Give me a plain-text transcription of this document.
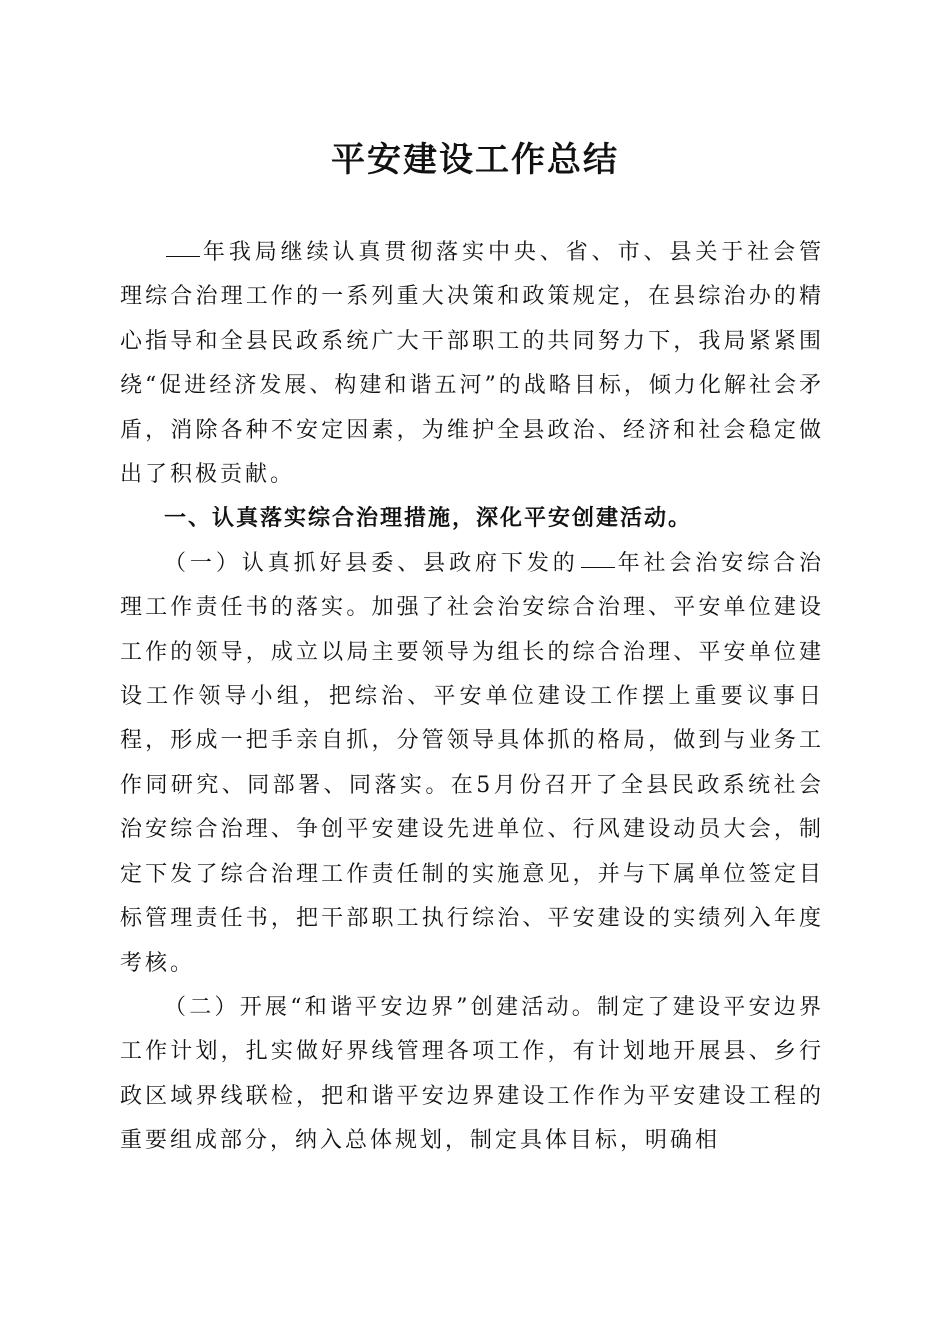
平安建设工作总结

年我局继续认真贯彻落实中央、省、市、县关于社会管理综合治理工作的一系列重大决策和政策规定，在县综治办的精心指导和全县民政系统广大干部职工的共同努力下，我局紧紧围绕“促进经济发展、构建和谐五河”的战略目标，倾力化解社会矛盾，消除各种不安定因素，为维护全县政治、经济和社会稳定做出了积极贡献。

一、认真落实综合治理措施，深化平安创建活动。

（一）认真抓好县委、县政府下发的 年社会治安综合治理工作责任书的落实。加强了社会治安综合治理、平安单位建设工作的领导，成立以局主要领导为组长的综合治理、平安单位建设工作领导小组，把综治、平安单位建设工作摆上重要议事日程，形成一把手亲自抓，分管领导具体抓的格局，做到与业务工作同研究、同部署、同落实。在5月份召开了全县民政系统社会治安综合治理、争创平安建设先进单位、行风建设动员大会，制定下发了综合治理工作责任制的实施意见，并与下属单位签定目标管理责任书，把干部职工执行综治、平安建设的实绩列入年度考核。

（二）开展“和谐平安边界”创建活动。制定了建设平安边界工作计划，扎实做好界线管理各项工作，有计划地开展县、乡行政区域界线联检，把和谐平安边界建设工作作为平安建设工程的重要组成部分，纳入总体规划，制定具体目标，明确相
